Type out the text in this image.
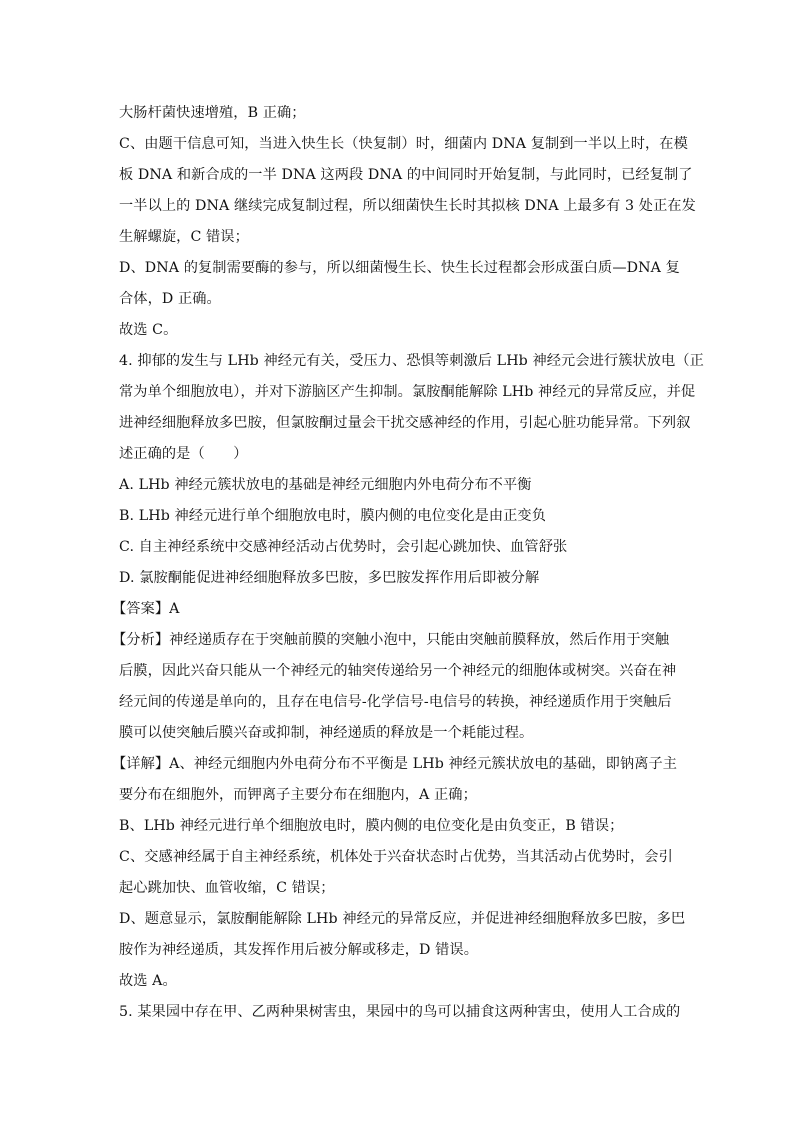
大肠杆菌快速增殖，B 正确；
C、由题干信息可知，当进入快生长（快复制）时，细菌内 DNA 复制到一半以上时，在模
板 DNA 和新合成的一半 DNA 这两段 DNA 的中间同时开始复制，与此同时，已经复制了
一半以上的 DNA 继续完成复制过程，所以细菌快生长时其拟核 DNA 上最多有 3 处正在发
生解螺旋，C 错误；
D、DNA 的复制需要酶的参与，所以细菌慢生长、快生长过程都会形成蛋白质—DNA 复
合体，D 正确。
故选 C。
4. 抑郁的发生与 LHb 神经元有关，受压力、恐惧等刺激后 LHb 神经元会进行簇状放电（正
常为单个细胞放电），并对下游脑区产生抑制。氯胺酮能解除 LHb 神经元的异常反应，并促
进神经细胞释放多巴胺，但氯胺酮过量会干扰交感神经的作用，引起心脏功能异常。下列叙
述正确的是（　　）
A. LHb 神经元簇状放电的基础是神经元细胞内外电荷分布不平衡
B. LHb 神经元进行单个细胞放电时，膜内侧的电位变化是由正变负
C. 自主神经系统中交感神经活动占优势时，会引起心跳加快、血管舒张
D. 氯胺酮能促进神经细胞释放多巴胺，多巴胺发挥作用后即被分解
【答案】A
【分析】神经递质存在于突触前膜的突触小泡中，只能由突触前膜释放，然后作用于突触
后膜，因此兴奋只能从一个神经元的轴突传递给另一个神经元的细胞体或树突。兴奋在神
经元间的传递是单向的，且存在电信号-化学信号-电信号的转换，神经递质作用于突触后
膜可以使突触后膜兴奋或抑制，神经递质的释放是一个耗能过程。
【详解】A、神经元细胞内外电荷分布不平衡是 LHb 神经元簇状放电的基础，即钠离子主
要分布在细胞外，而钾离子主要分布在细胞内，A 正确；
B、LHb 神经元进行单个细胞放电时，膜内侧的电位变化是由负变正，B 错误；
C、交感神经属于自主神经系统，机体处于兴奋状态时占优势，当其活动占优势时，会引
起心跳加快、血管收缩，C 错误；
D、题意显示，氯胺酮能解除 LHb 神经元的异常反应，并促进神经细胞释放多巴胺，多巴
胺作为神经递质，其发挥作用后被分解或移走，D 错误。
故选 A。
5. 某果园中存在甲、乙两种果树害虫，果园中的鸟可以捕食这两种害虫，使用人工合成的
